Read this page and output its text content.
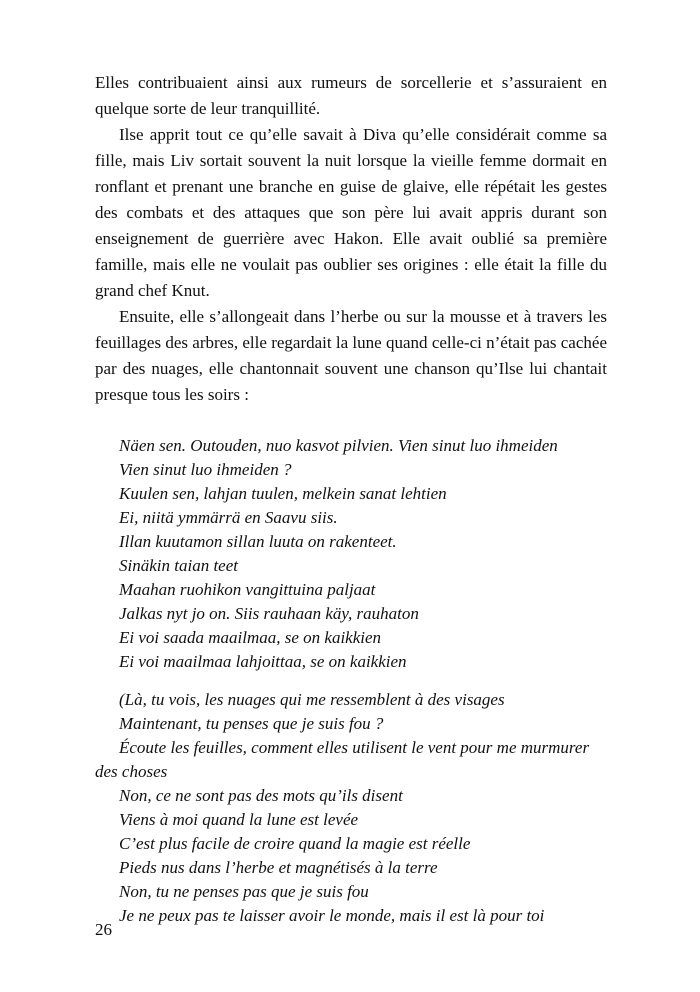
Elles contribuaient ainsi aux rumeurs de sorcellerie et s’assuraient en quelque sorte de leur tranquillité.

Ilse apprit tout ce qu’elle savait à Diva qu’elle considérait comme sa fille, mais Liv sortait souvent la nuit lorsque la vieille femme dormait en ronflant et prenant une branche en guise de glaive, elle répétait les gestes des combats et des attaques que son père lui avait appris durant son enseignement de guerrière avec Hakon. Elle avait oublié sa première famille, mais elle ne voulait pas oublier ses origines : elle était la fille du grand chef Knut.

Ensuite, elle s’allongeait dans l’herbe ou sur la mousse et à travers les feuillages des arbres, elle regardait la lune quand celle-ci n’était pas cachée par des nuages, elle chantonnait souvent une chanson qu’Ilse lui chantait presque tous les soirs :

Näen sen. Outouden, nuo kasvot pilvien. Vien sinut luo ihmeiden
Vien sinut luo ihmeiden ?
Kuulen sen, lahjan tuulen, melkein sanat lehtien
Ei, niitä ymmärrä en Saavu siis.
Illan kuutamon sillan luuta on rakenteet.
Sinäkin taian teet
Maahan ruohikon vangittuina paljaat
Jalkas nyt jo on. Siis rauhaan käy, rauhaton
Ei voi saada maailmaa, se on kaikkien
Ei voi maailmaa lahjoittaa, se on kaikkien
(Là, tu vois, les nuages qui me ressemblent à des visages
Maintenant, tu penses que je suis fou ?
Écoute les feuilles, comment elles utilisent le vent pour me murmurer
des choses
Non, ce ne sont pas des mots qu’ils disent
Viens à moi quand la lune est levée
C’est plus facile de croire quand la magie est réelle
Pieds nus dans l’herbe et magnétisés à la terre
Non, tu ne penses pas que je suis fou
Je ne peux pas te laisser avoir le monde, mais il est là pour toi
26
